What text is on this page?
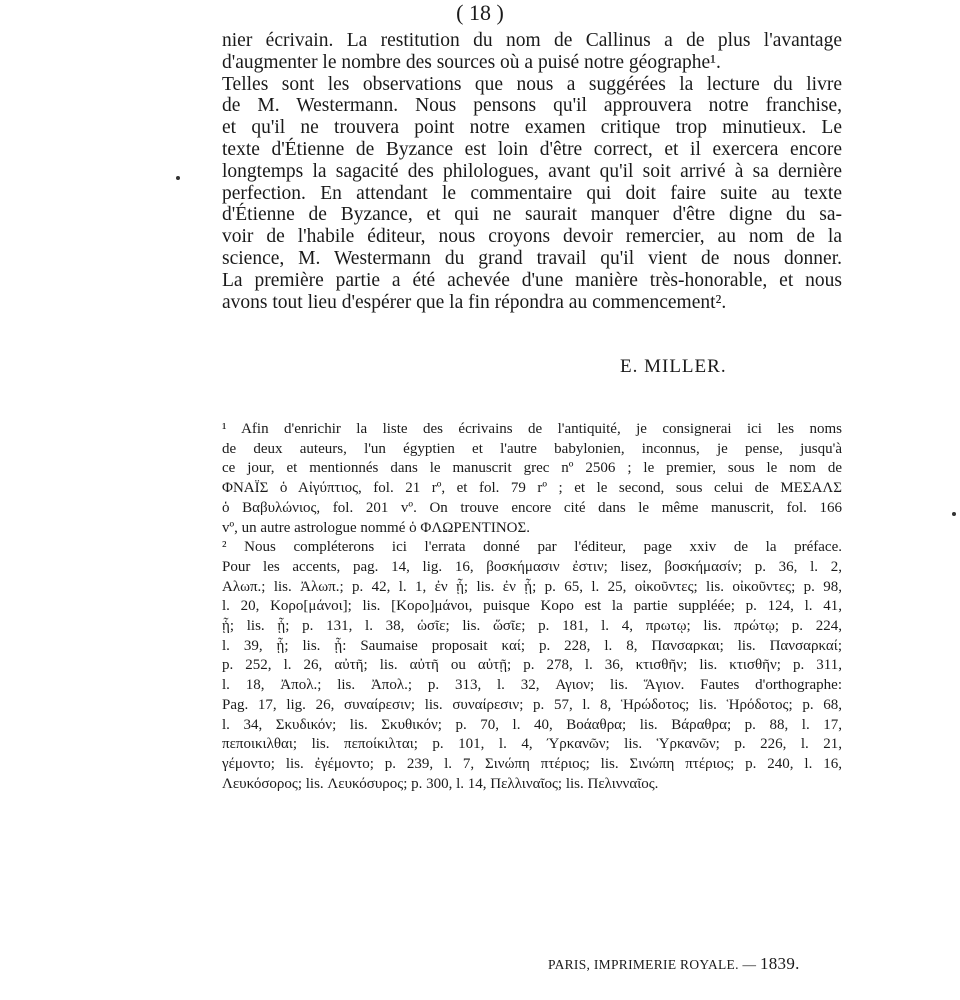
( 18 )
nier écrivain. La restitution du nom de Callinus a de plus l'avantage
d'augmenter le nombre des sources où a puisé notre géographe¹.
Telles sont les observations que nous a suggérées la lecture du livre
de M. Westermann. Nous pensons qu'il approuvera notre franchise,
et qu'il ne trouvera point notre examen critique trop minutieux. Le
texte d'Étienne de Byzance est loin d'être correct, et il exercera encore
longtemps la sagacité des philologues, avant qu'il soit arrivé à sa dernière
perfection. En attendant le commentaire qui doit faire suite au texte
d'Étienne de Byzance, et qui ne saurait manquer d'être digne du sa-
voir de l'habile éditeur, nous croyons devoir remercier, au nom de la
science, M. Westermann du grand travail qu'il vient de nous donner.
La première partie a été achevée d'une manière très-honorable, et nous
avons tout lieu d'espérer que la fin répondra au commencement².
E. MILLER.
¹ Afin d'enrichir la liste des écrivains de l'antiquité, je consignerai ici les noms
de deux auteurs, l'un égyptien et l'autre babylonien, inconnus, je pense, jusqu'à
ce jour, et mentionnés dans le manuscrit grec nº 2506 ; le premier, sous le nom de
ΦΝΑΪΣ ὁ Αἰγύπτιος, fol. 21 rº, et fol. 79 rº ; et le second, sous celui de ΜΕΣΑΛΣ
ὁ Βαβυλώνιος, fol. 201 vº. On trouve encore cité dans le même manuscrit, fol. 166
vº, un autre astrologue nommé ὁ ΦΛΩΡΕΝΤΙΝΟΣ.
² Nous compléterons ici l'errata donné par l'éditeur, page xxiv de la préface.
Pour les accents, pag. 14, lig. 16, βοσκήμασιν ἐστιν; lisez, βοσκήμασίν; p. 36, l. 2,
Αλωπ.; lis. Ἀλωπ.; p. 42, l. 1, ἐν ᾗ; lis. ἐν ᾗ; p. 65, l. 25, οἰκοῦντες; lis. οἰκοῦντες; p. 98,
l. 20, Κορο[μάνοι]; lis. [Κορο]μάνοι, puisque Κορο est la partie suppléée; p. 124, l. 41,
ᾗ; lis. ᾗ; p. 131, l. 38, ὡσῖε; lis. ὥσῖε; p. 181, l. 4, πρωτῳ; lis. πρώτῳ; p. 224,
l. 39, ᾗ; lis. ᾗ: Saumaise proposait καί; p. 228, l. 8, Πανσαρκαι; lis. Πανσαρκαί;
p. 252, l. 26, αὐτῆ; lis. αὐτῆ ou αὐτῇ; p. 278, l. 36, κτισθῆν; lis. κτισθῆν; p. 311,
l. 18, Ἀπολ.; lis. Ἀπολ.; p. 313, l. 32, Αγιον; lis. Ἅγιον. Fautes d'orthographe:
Pag. 17, lig. 26, συναίρεσιν; lis. συναίρεσιν; p. 57, l. 8, Ἡρώδοτος; lis. Ἡρόδοτος; p. 68,
l. 34, Σκυδικόν; lis. Σκυθικόν; p. 70, l. 40, Βοάαθρα; lis. Βάραθρα; p. 88, l. 17,
πεποικιλθαι; lis. πεποίκιλται; p. 101, l. 4, Ύρκανῶν; lis. Ὑρκανῶν; p. 226, l. 21,
γέμοντο; lis. ἐγέμοντο; p. 239, l. 7, Σινώπη πτέριος; lis. Σινώπη πτέριος; p. 240, l. 16,
Λευκόσορος; lis. Λευκόσυρος; p. 300, l. 14, Πελλιναῖος; lis. Πελινναῖος.
PARIS, IMPRIMERIE ROYALE. — 1839.
